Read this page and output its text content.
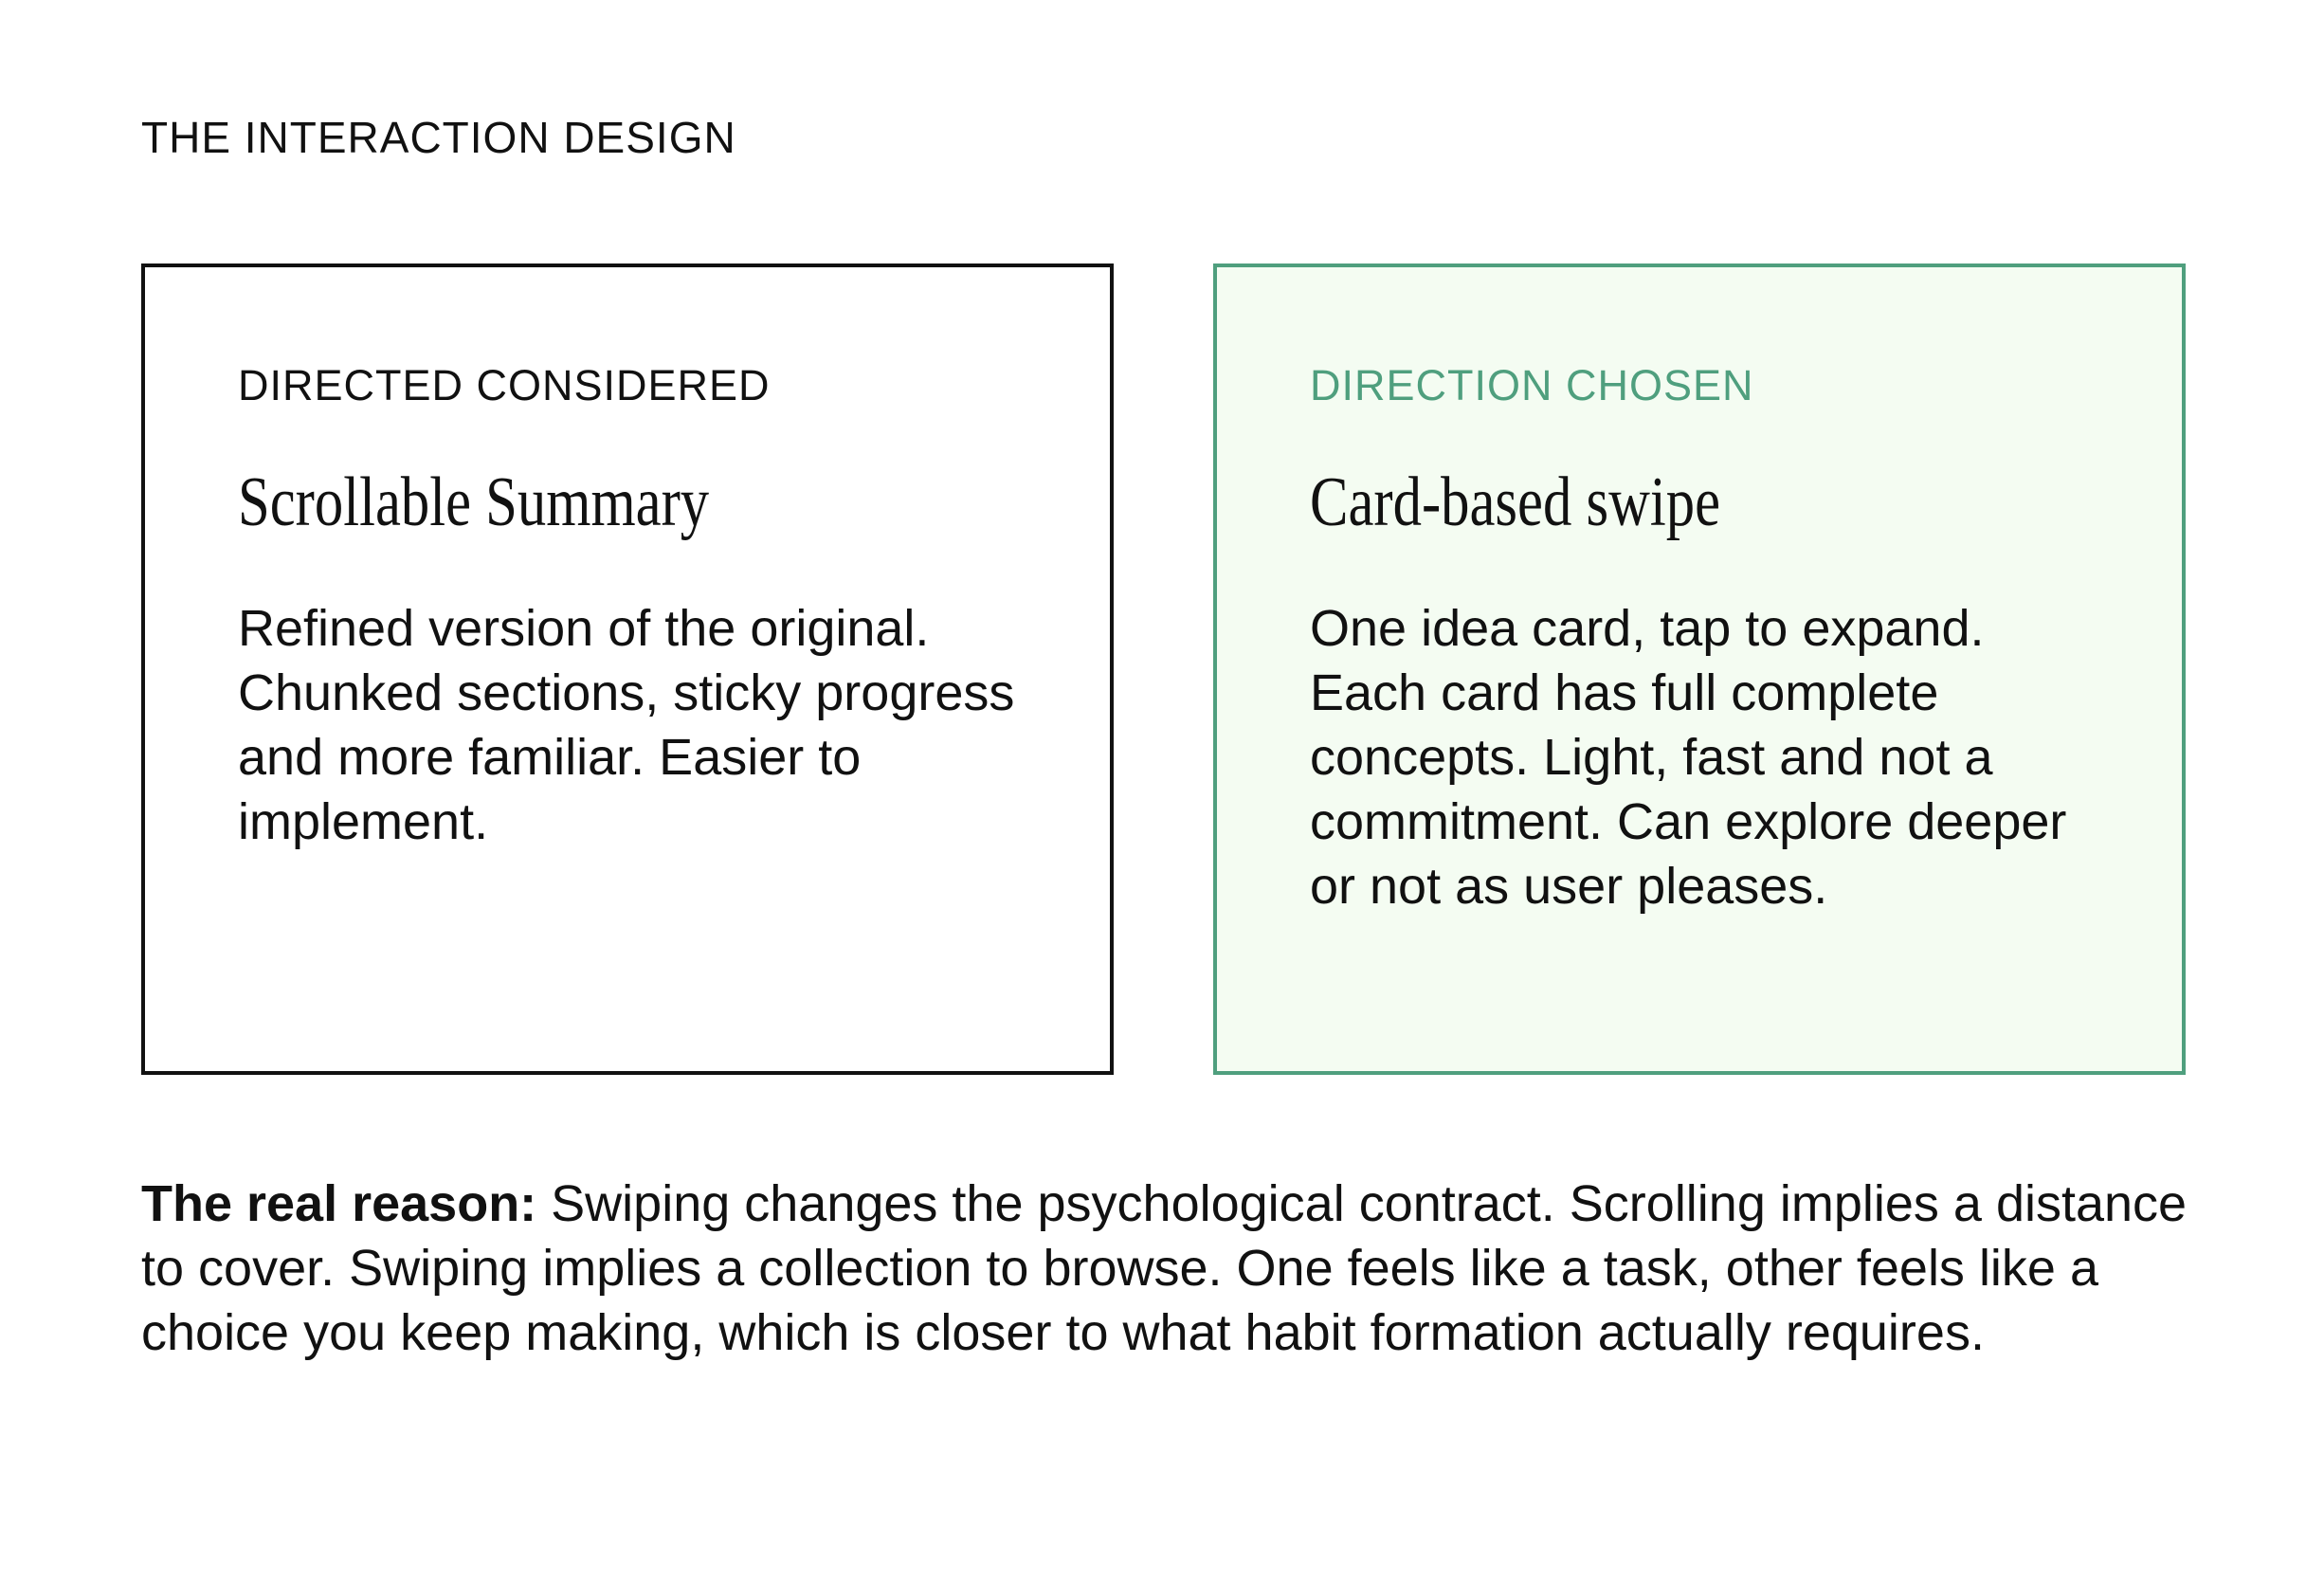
THE INTERACTION DESIGN
DIRECTED CONSIDERED
Scrollable Summary
Refined version of the original. Chunked sections, sticky progress and more familiar. Easier to implement.
DIRECTION CHOSEN
Card-based swipe
One idea card, tap to expand. Each card has full complete concepts. Light, fast and not a commitment. Can explore deeper or not as user pleases.
The real reason: Swiping changes the psychological contract. Scrolling implies a distance to cover. Swiping implies a collection to browse. One feels like a task, other feels like a choice you keep making, which is closer to what habit formation actually requires.
